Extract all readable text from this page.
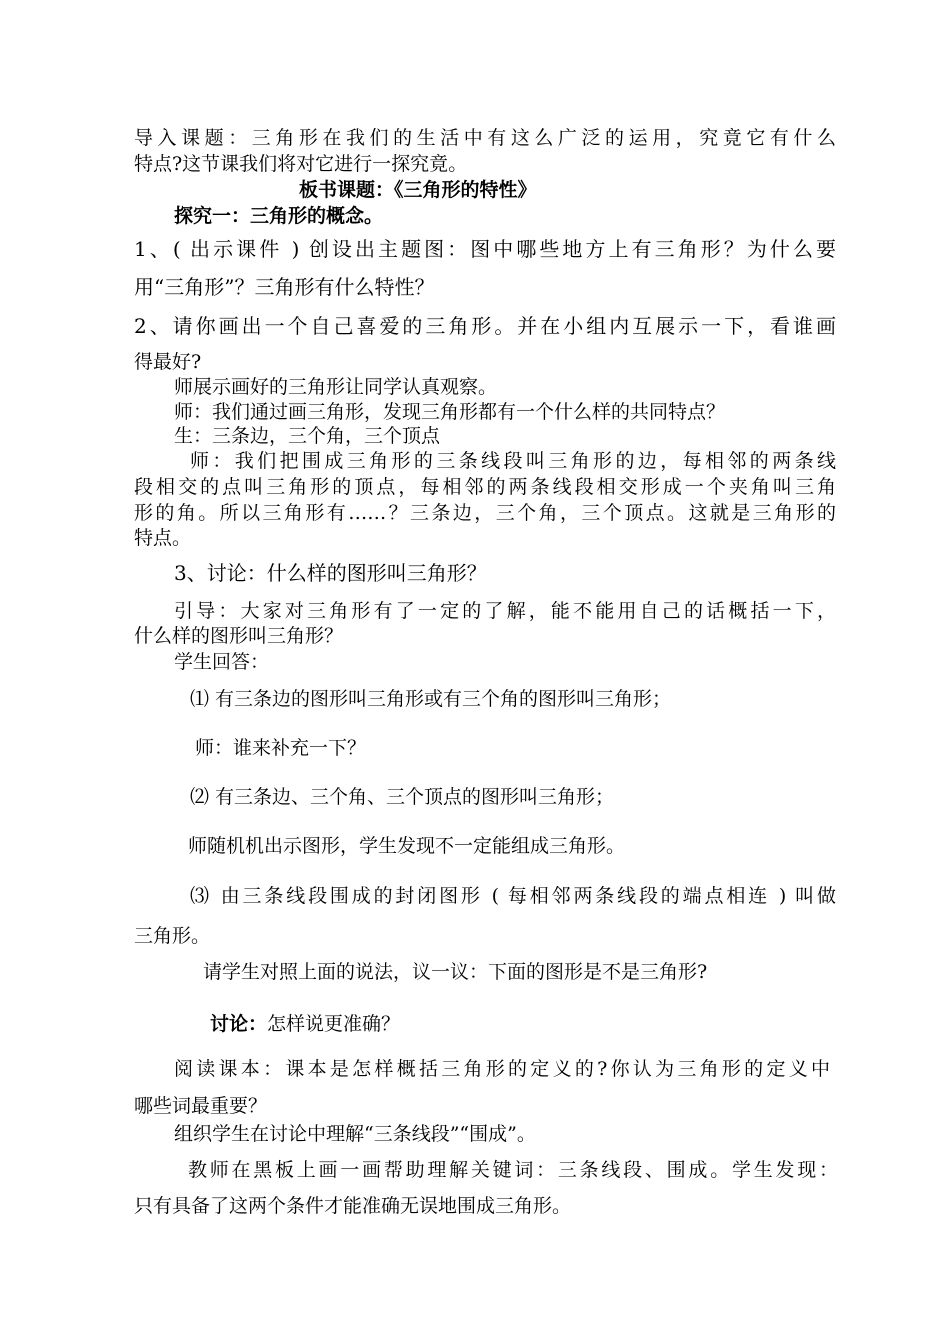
导入课题：三角形在我们的生活中有这么广泛的运用，究竟它有什么
特点?这节课我们将对它进行一探究竟。
板书课题：《三角形的特性》
探究一：三角形的概念。
1、( 出示课件 ) 创设出主题图：图中哪些地方上有三角形？为什么要
用“三角形”？三角形有什么特性？
2、请你画出一个自己喜爱的三角形。并在小组内互展示一下，看谁画
得最好?
师展示画好的三角形让同学认真观察。
师：我们通过画三角形，发现三角形都有一个什么样的共同特点？
生：三条边，三个角，三个顶点
师：我们把围成三角形的三条线段叫三角形的边，每相邻的两条线
段相交的点叫三角形的顶点，每相邻的两条线段相交形成一个夹角叫三角
形的角。所以三角形有……？三条边，三个角，三个顶点。这就是三角形的
特点。
3、讨论：什么样的图形叫三角形？
引导：大家对三角形有了一定的了解，能不能用自己的话概括一下，
什么样的图形叫三角形？
学生回答：
⑴ 有三条边的图形叫三角形或有三个角的图形叫三角形；
师：谁来补充一下？
⑵ 有三条边、三个角、三个顶点的图形叫三角形；
师随机机出示图形，学生发现不一定能组成三角形。
⑶ 由三条线段围成的封闭图形 ( 每相邻两条线段的端点相连 ) 叫做
三角形。
请学生对照上面的说法，议一议：下面的图形是不是三角形?
讨论：怎样说更准确？
阅读课本：课本是怎样概括三角形的定义的?你认为三角形的定义中
哪些词最重要？
组织学生在讨论中理解“三条线段”“围成”。
教师在黑板上画一画帮助理解关键词：三条线段、围成。学生发现：
只有具备了这两个条件才能准确无误地围成三角形。
